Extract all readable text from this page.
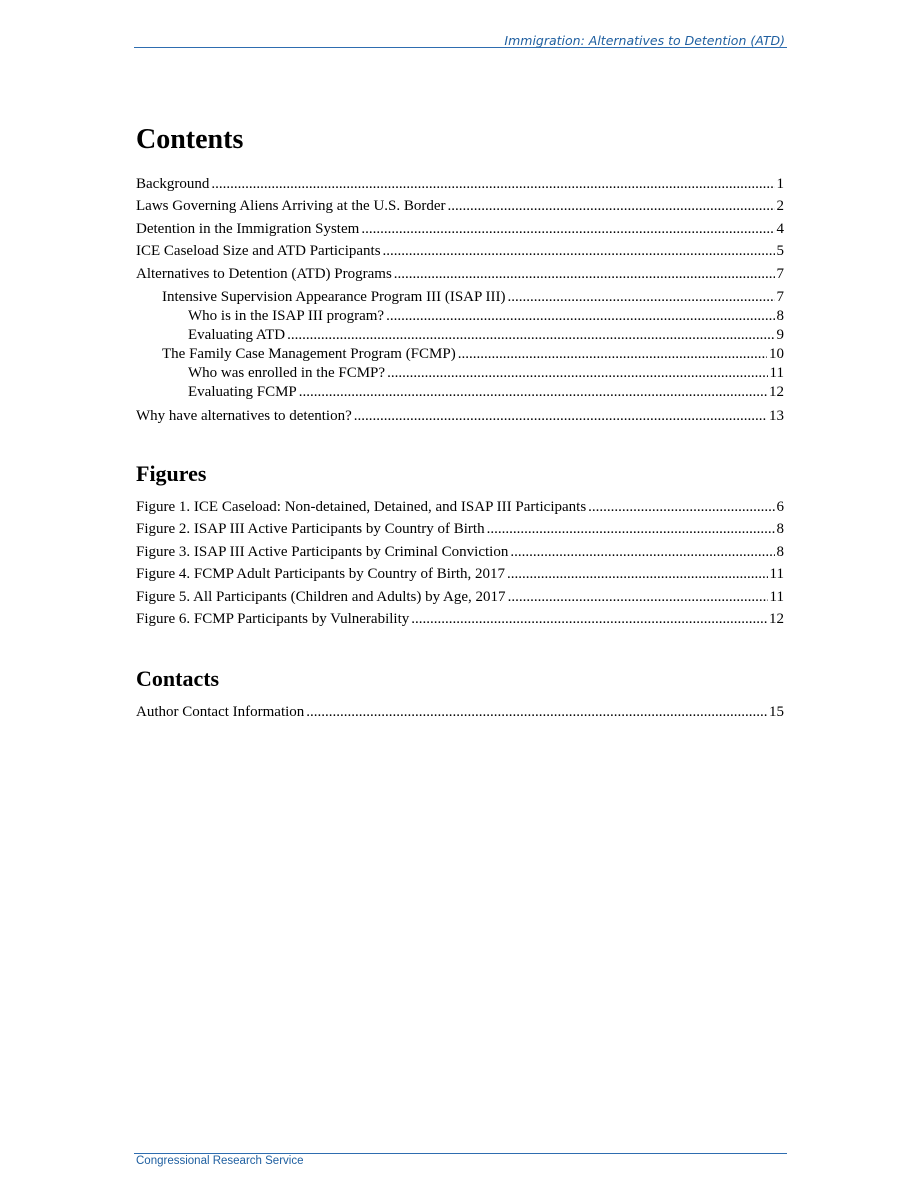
Immigration: Alternatives to Detention (ATD)
Contents
Background .....	1
Laws Governing Aliens Arriving at the U.S. Border .....	2
Detention in the Immigration System .....	4
ICE Caseload Size and ATD Participants .....	5
Alternatives to Detention (ATD) Programs .....	7
Intensive Supervision Appearance Program III (ISAP III) .....	7
Who is in the ISAP III program? .....	8
Evaluating ATD .....	9
The Family Case Management Program (FCMP) .....	10
Who was enrolled in the FCMP? .....	11
Evaluating FCMP .....	12
Why have alternatives to detention? .....	13
Figures
Figure 1. ICE Caseload: Non-detained, Detained, and ISAP III Participants .....	6
Figure 2. ISAP III Active Participants by Country of Birth .....	8
Figure 3. ISAP III Active Participants by Criminal Conviction .....	8
Figure 4. FCMP Adult Participants by Country of Birth, 2017 .....	11
Figure 5. All Participants (Children and Adults) by Age, 2017 .....	11
Figure 6. FCMP Participants by Vulnerability .....	12
Contacts
Author Contact Information .....	15
Congressional Research Service
